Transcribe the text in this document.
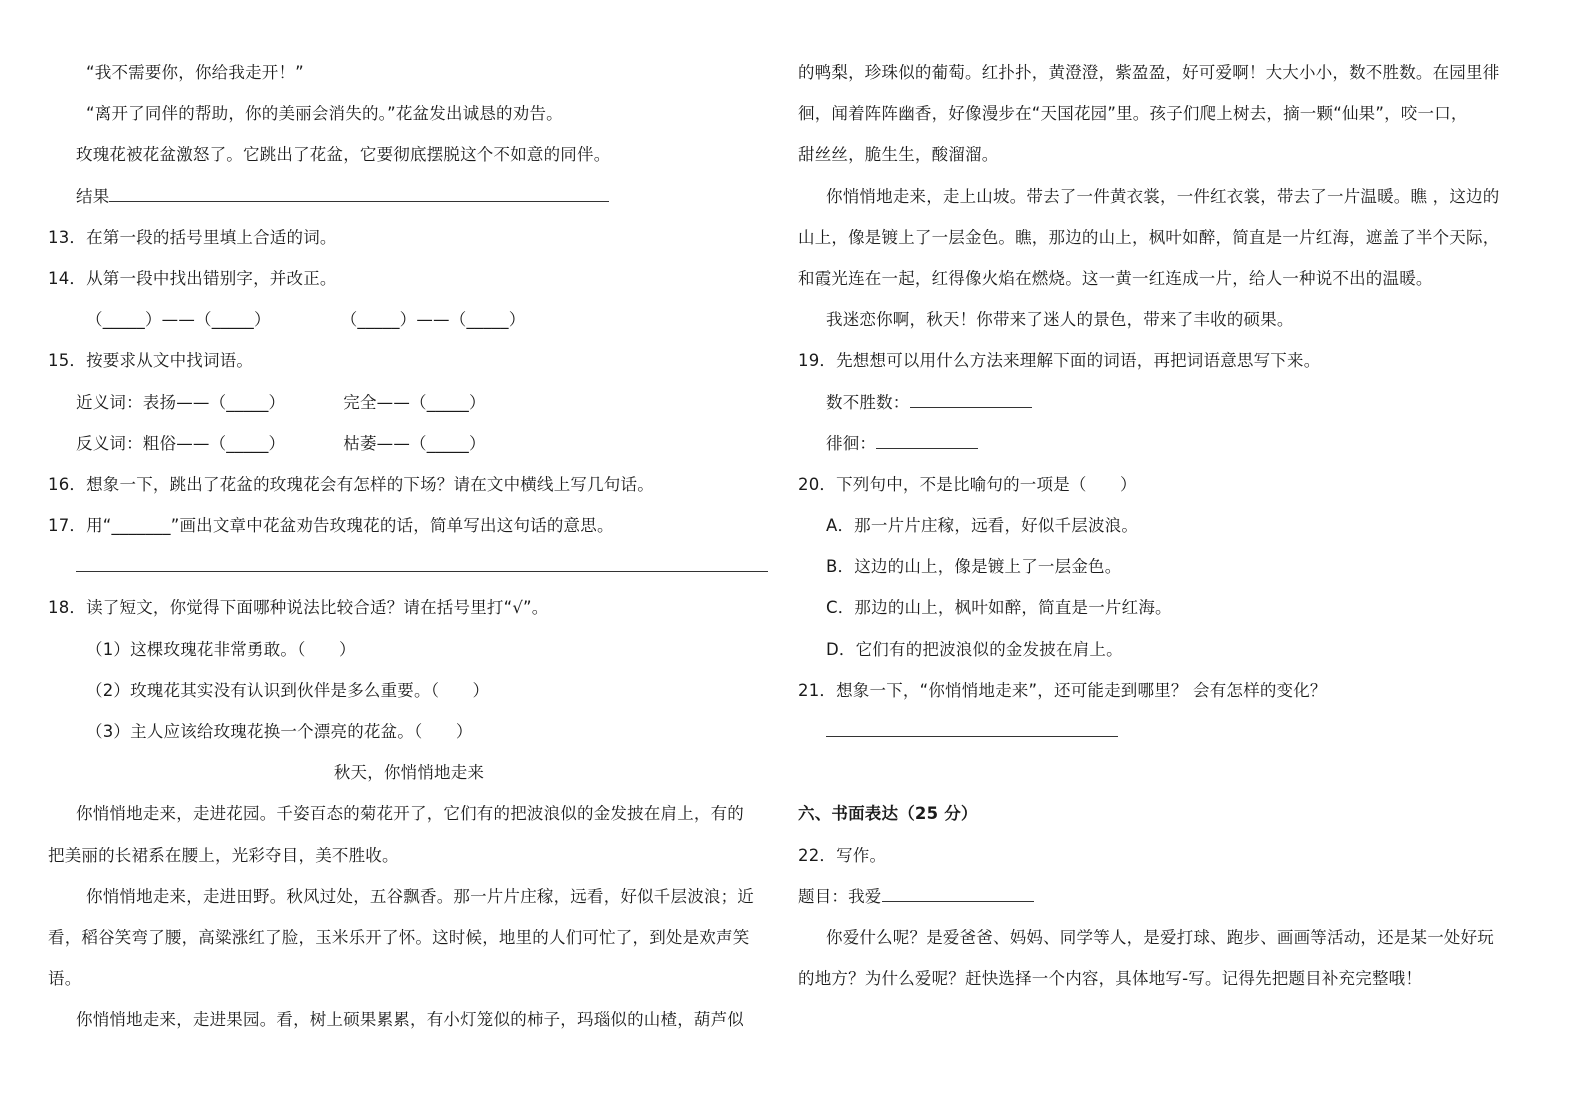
“我不需要你，你给我走开！”
“离开了同伴的帮助，你的美丽会消失的。”花盆发出诚恳的劝告。
玫瑰花被花盆激怒了。它跳出了花盆，它要彻底摆脱这个不如意的同伴。
结果
13．在第一段的括号里填上合适的词。
14．从第一段中找出错别字，并改正。
（_____）——（_____）	（_____）——（_____）
15．按要求从文中找词语。
近义词：表扬——（_____）	完全——（_____）
反义词：粗俗——（_____）	枯萎——（_____）
16．想象一下，跳出了花盆的玫瑰花会有怎样的下场？请在文中横线上写几句话。
17．用“_______”画出文章中花盆劝告玫瑰花的话，简单写出这句话的意思。
18．读了短文，你觉得下面哪种说法比较合适？请在括号里打“√”。
（1）这棵玫瑰花非常勇敢。（　　）
（2）玫瑰花其实没有认识到伙伴是多么重要。（　　）
（3）主人应该给玫瑰花换一个漂亮的花盆。（　　）
秋天，你悄悄地走来
你悄悄地走来，走进花园。千姿百态的菊花开了，它们有的把波浪似的金发披在肩上，有的
把美丽的长裙系在腰上，光彩夺目，美不胜收。
你悄悄地走来，走进田野。秋风过处，五谷飘香。那一片片庄稼，远看，好似千层波浪；近
看，稻谷笑弯了腰，高粱涨红了脸，玉米乐开了怀。这时候，地里的人们可忙了，到处是欢声笑
语。
你悄悄地走来，走进果园。看，树上硕果累累，有小灯笼似的柿子，玛瑙似的山楂，葫芦似
的鸭梨，珍珠似的葡萄。红扑扑，黄澄澄，紫盈盈，好可爱啊！大大小小，数不胜数。在园里徘
徊，闻着阵阵幽香，好像漫步在“天国花园”里。孩子们爬上树去，摘一颗“仙果”，咬一口，
甜丝丝，脆生生，酸溜溜。
你悄悄地走来，走上山坡。带去了一件黄衣裳，一件红衣裳，带去了一片温暖。瞧 ，这边的
山上，像是镀上了一层金色。瞧，那边的山上，枫叶如醉，简直是一片红海，遮盖了半个天际，
和霞光连在一起，红得像火焰在燃烧。这一黄一红连成一片，给人一种说不出的温暖。
我迷恋你啊，秋天！你带来了迷人的景色，带来了丰收的硕果。
19．先想想可以用什么方法来理解下面的词语，再把词语意思写下来。
数不胜数：
徘徊：
20．下列句中，不是比喻句的一项是（　　）
A．那一片片庄稼，远看，好似千层波浪。
B．这边的山上，像是镀上了一层金色。
C．那边的山上，枫叶如醉，简直是一片红海。
D．它们有的把波浪似的金发披在肩上。
21．想象一下，“你悄悄地走来”，还可能走到哪里？ 会有怎样的变化？
六、书面表达（25 分）
22．写作。
题目：我爱
你爱什么呢？是爱爸爸、妈妈、同学等人，是爱打球、跑步、画画等活动，还是某一处好玩
的地方？为什么爱呢？赶快选择一个内容，具体地写-写。记得先把题目补充完整哦！
